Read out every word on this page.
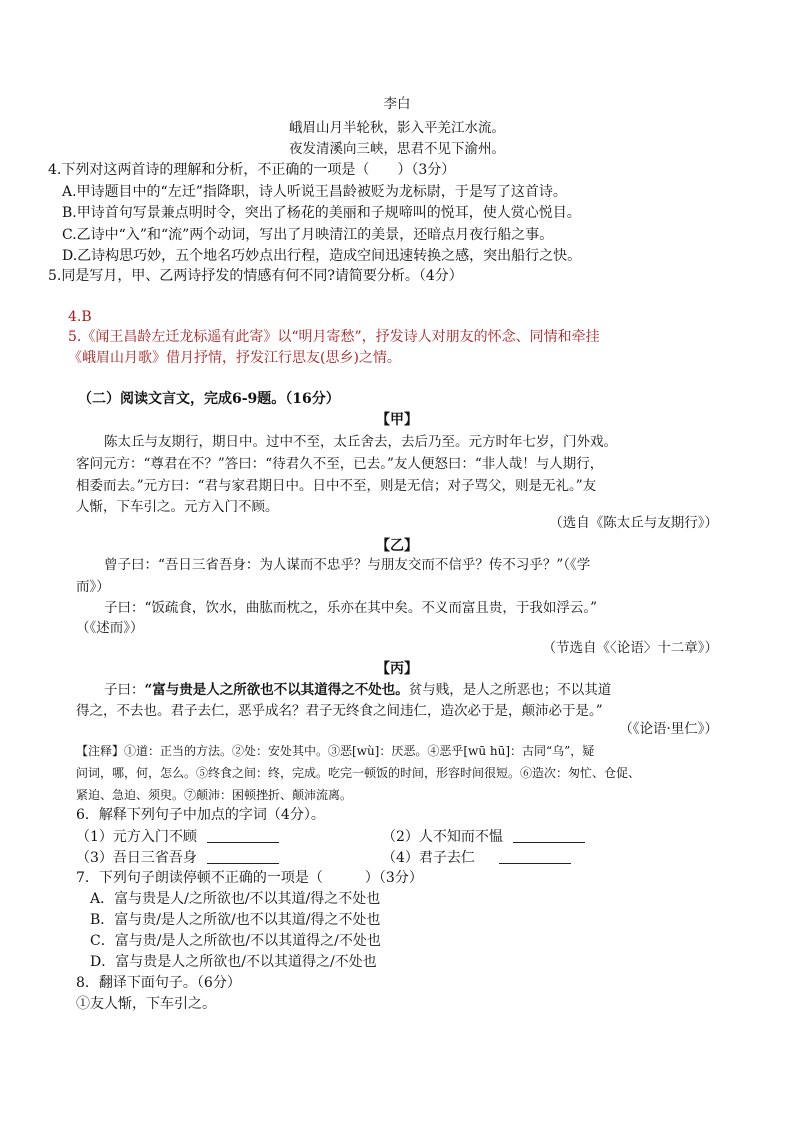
李白
峨眉山月半轮秋，影入平羌江水流。
夜发清溪向三峡，思君不见下渝州。
4.下列对这两首诗的理解和分析，不正确的一项是（　　）（3分）
A.甲诗题目中的“左迁”指降职，诗人听说王昌龄被贬为龙标尉，于是写了这首诗。
B.甲诗首句写景兼点明时令，突出了杨花的美丽和子规啼叫的悦耳，使人赏心悦目。
C.乙诗中“入”和“流”两个动词，写出了月映清江的美景，还暗点月夜行船之事。
D.乙诗构思巧妙，五个地名巧妙点出行程，造成空间迅速转换之感，突出船行之快。
5.同是写月，甲、乙两诗抒发的情感有何不同?请简要分析。（4分）
4.B
5.《闻王昌龄左迁龙标遥有此寄》以“明月寄愁”，抒发诗人对朋友的怀念、同情和牵挂
《峨眉山月歌》借月抒情，抒发江行思友(思乡)之情。
（二）阅读文言文，完成6-9题。（16分）
【甲】
陈太丘与友期行，期日中。过中不至，太丘舍去，去后乃至。元方时年七岁，门外戏。
客问元方：“尊君在不？”答曰：“待君久不至，已去。”友人便怒曰：“非人哉！与人期行，
相委而去。”元方曰：“君与家君期日中。日中不至，则是无信；对子骂父，则是无礼。”友
人惭，下车引之。元方入门不顾。
（选自《陈太丘与友期行》）
【乙】
曾子曰：“吾日三省吾身：为人谋而不忠乎？与朋友交而不信乎？传不习乎？”（《学
而》）
子曰：“饭疏食，饮水，曲肱而枕之，乐亦在其中矣。不义而富且贵，于我如浮云。”
（《述而》）
（节选自《〈论语〉十二章》）
【丙】
子曰：“富与贵是人之所欲也不以其道得之不处也。贫与贱，是人之所恶也；不以其道
得之，不去也。君子去仁，恶乎成名？君子无终食之间违仁，造次必于是，颠沛必于是。”
（《论语·里仁》）
【注释】①道：正当的方法。②处：安处其中。③恶[wù]：厌恶。④恶乎[wū hū]：古同“乌”，疑
问词，哪，何，怎么。⑤终食之间：终，完成。吃完一顿饭的时间，形容时间很短。⑥造次：匆忙、仓促、
紧迫、急迫、须臾。⑦颠沛：困顿挫折、颠沛流离。
6．解释下列句子中加点的字词（4分）。
（1）元方入门不顾	（2）人不知而不愠
（3）吾日三省吾身	（4）君子去仁
7．下列句子朗读停顿不正确的一项是（　　　）（3分）
A．富与贵是人/之所欲也/不以其道/得之不处也
B．富与贵/是人之所欲/也不以其道/得之不处也
C．富与贵/是人之所欲也/不以其道得之/不处也
D．富与贵是人之所欲也/不以其道得之/不处也
8．翻译下面句子。（6分）
①友人惭，下车引之。
